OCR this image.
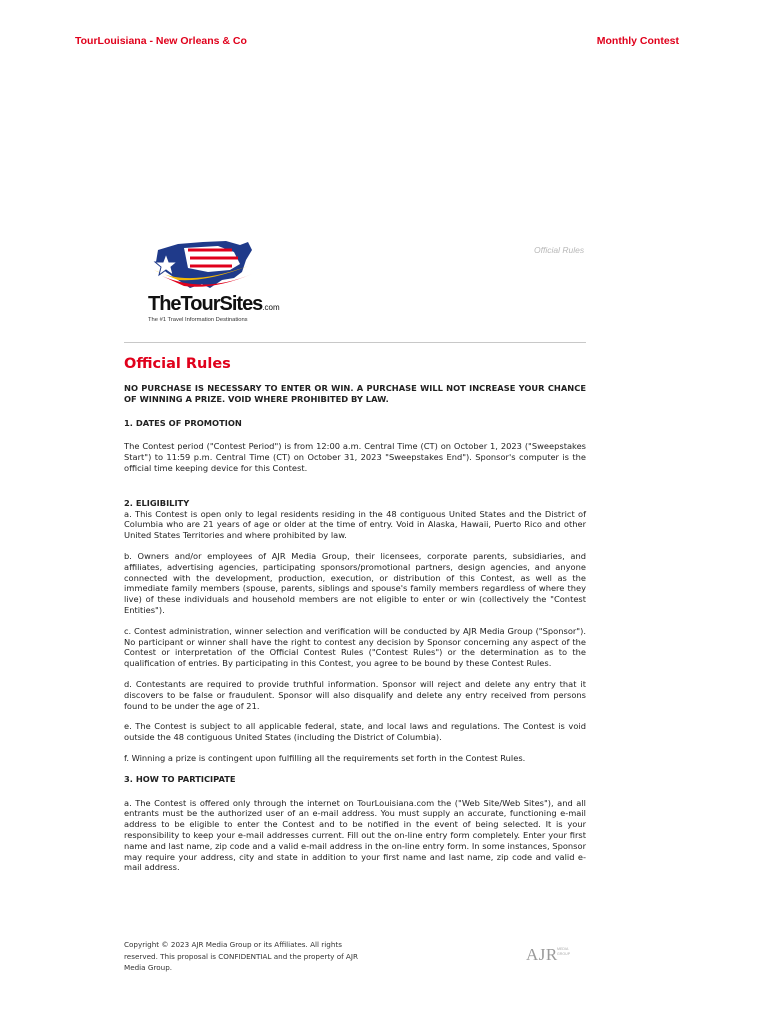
TourLouisiana - New Orleans & Co	Monthly Contest
TheTourSites.com
The #1 Travel Information Destinations
Official Rules
Official Rules

NO PURCHASE IS NECESSARY TO ENTER OR WIN. A PURCHASE WILL NOT INCREASE YOUR CHANCE OF WINNING A PRIZE. VOID WHERE PROHIBITED BY LAW.

1. DATES OF PROMOTION

The Contest period ("Contest Period") is from 12:00 a.m. Central Time (CT) on October 1, 2023 ("Sweepstakes Start") to 11:59 p.m. Central Time (CT) on October 31, 2023 "Sweepstakes End"). Sponsor's computer is the official time keeping device for this Contest.

2. ELIGIBILITY

a. This Contest is open only to legal residents residing in the 48 contiguous United States and the District of Columbia who are 21 years of age or older at the time of entry. Void in Alaska, Hawaii, Puerto Rico and other United States Territories and where prohibited by law.

b. Owners and/or employees of AJR Media Group, their licensees, corporate parents, subsidiaries, and affiliates, advertising agencies, participating sponsors/promotional partners, design agencies, and anyone connected with the development, production, execution, or distribution of this Contest, as well as the immediate family members (spouse, parents, siblings and spouse's family members regardless of where they live) of these individuals and household members are not eligible to enter or win (collectively the "Contest Entities").

c. Contest administration, winner selection and verification will be conducted by AJR Media Group ("Sponsor"). No participant or winner shall have the right to contest any decision by Sponsor concerning any aspect of the Contest or interpretation of the Official Contest Rules ("Contest Rules") or the determination as to the qualification of entries. By participating in this Contest, you agree to be bound by these Contest Rules.

d. Contestants are required to provide truthful information. Sponsor will reject and delete any entry that it discovers to be false or fraudulent. Sponsor will also disqualify and delete any entry received from persons found to be under the age of 21.

e. The Contest is subject to all applicable federal, state, and local laws and regulations. The Contest is void outside the 48 contiguous United States (including the District of Columbia).

f. Winning a prize is contingent upon fulfilling all the requirements set forth in the Contest Rules.

3. HOW TO PARTICIPATE

a. The Contest is offered only through the internet on TourLouisiana.com the ("Web Site/Web Sites"), and all entrants must be the authorized user of an e-mail address. You must supply an accurate, functioning e-mail address to be eligible to enter the Contest and to be notified in the event of being selected. It is your responsibility to keep your e-mail addresses current. Fill out the on-line entry form completely. Enter your first name and last name, zip code and a valid e-mail address in the on-line entry form. In some instances, Sponsor may require your address, city and state in addition to your first name and last name, zip code and valid e-mail address.

Copyright © 2023 AJR Media Group or its Affiliates. All rights reserved. This proposal is CONFIDENTIAL and the property of AJR Media Group.
AJR MEDIA GROUP
